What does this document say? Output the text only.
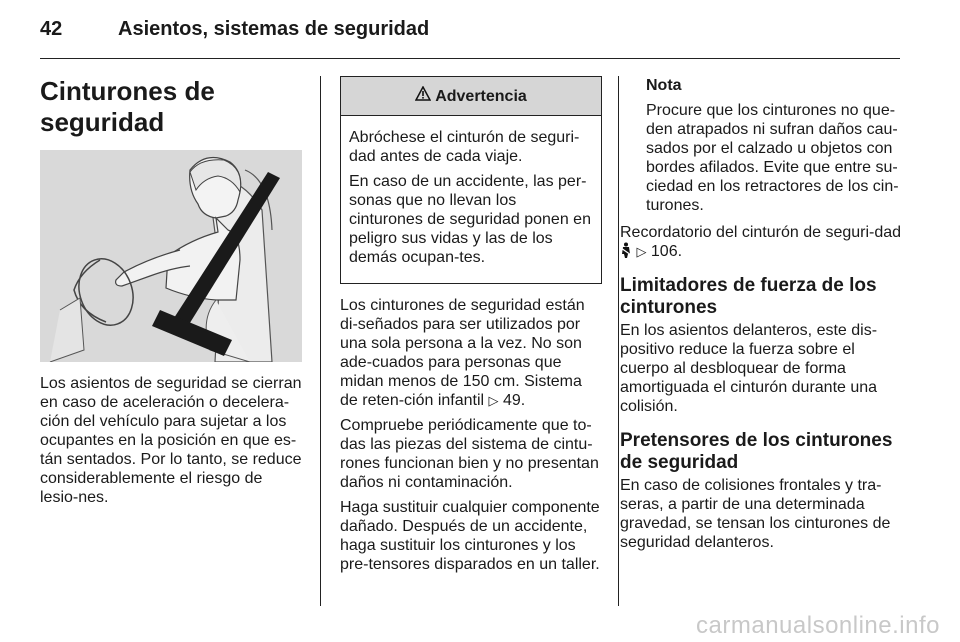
42	Asientos, sistemas de seguridad
Cinturones de
seguridad

Los asientos de seguridad se cierran en caso de aceleración o decelera-ción del vehículo para sujetar a los ocupantes en la posición en que es-tán sentados. Por lo tanto, se reduce considerablemente el riesgo de lesio-nes.

Advertencia

Abróchese el cinturón de seguri-dad antes de cada viaje.

En caso de un accidente, las per-sonas que no llevan los cinturones de seguridad ponen en peligro sus vidas y las de los demás ocupan-tes.

Los cinturones de seguridad están di-señados para ser utilizados por una sola persona a la vez. No son ade-cuados para personas que midan menos de 150 cm. Sistema de reten-ción infantil ▷ 49.

Compruebe periódicamente que to-das las piezas del sistema de cintu-rones funcionan bien y no presentan daños ni contaminación.

Haga sustituir cualquier componente dañado. Después de un accidente, haga sustituir los cinturones y los pre-tensores disparados en un taller.

Nota

Procure que los cinturones no que-den atrapados ni sufran daños cau-sados por el calzado u objetos con bordes afilados. Evite que entre su-ciedad en los retractores de los cin-turones.

Recordatorio del cinturón de seguri-dad  ▷ 106.

Limitadores de fuerza de los cinturones

En los asientos delanteros, este dis-positivo reduce la fuerza sobre el cuerpo al desbloquear de forma amortiguada el cinturón durante una colisión.

Pretensores de los cinturones de seguridad

En caso de colisiones frontales y tra-seras, a partir de una determinada gravedad, se tensan los cinturones de seguridad delanteros.

carmanualsonline.info
